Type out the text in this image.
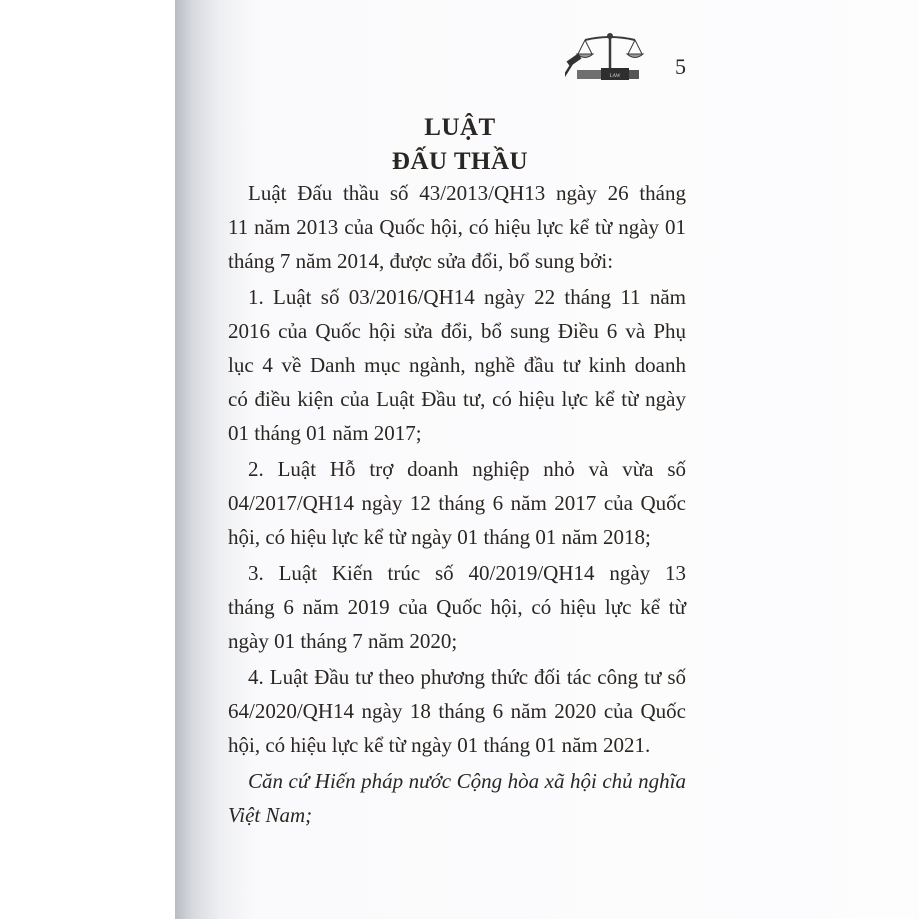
LAW 5
LUẬT
ĐẤU THẦU
Luật Đấu thầu số 43/2013/QH13 ngày 26 tháng
11 năm 2013 của Quốc hội, có hiệu lực kể từ ngày 01
tháng 7 năm 2014, được sửa đổi, bổ sung bởi:
1. Luật số 03/2016/QH14 ngày 22 tháng 11 năm
2016 của Quốc hội sửa đổi, bổ sung Điều 6 và Phụ
lục 4 về Danh mục ngành, nghề đầu tư kinh doanh
có điều kiện của Luật Đầu tư, có hiệu lực kể từ ngày
01 tháng 01 năm 2017;
2. Luật Hỗ trợ doanh nghiệp nhỏ và vừa số
04/2017/QH14 ngày 12 tháng 6 năm 2017 của Quốc
hội, có hiệu lực kể từ ngày 01 tháng 01 năm 2018;
3. Luật Kiến trúc số 40/2019/QH14 ngày 13
tháng 6 năm 2019 của Quốc hội, có hiệu lực kể từ
ngày 01 tháng 7 năm 2020;
4. Luật Đầu tư theo phương thức đối tác công tư số
64/2020/QH14 ngày 18 tháng 6 năm 2020 của Quốc
hội, có hiệu lực kể từ ngày 01 tháng 01 năm 2021.
Căn cứ Hiến pháp nước Cộng hòa xã hội chủ nghĩa
Việt Nam;
